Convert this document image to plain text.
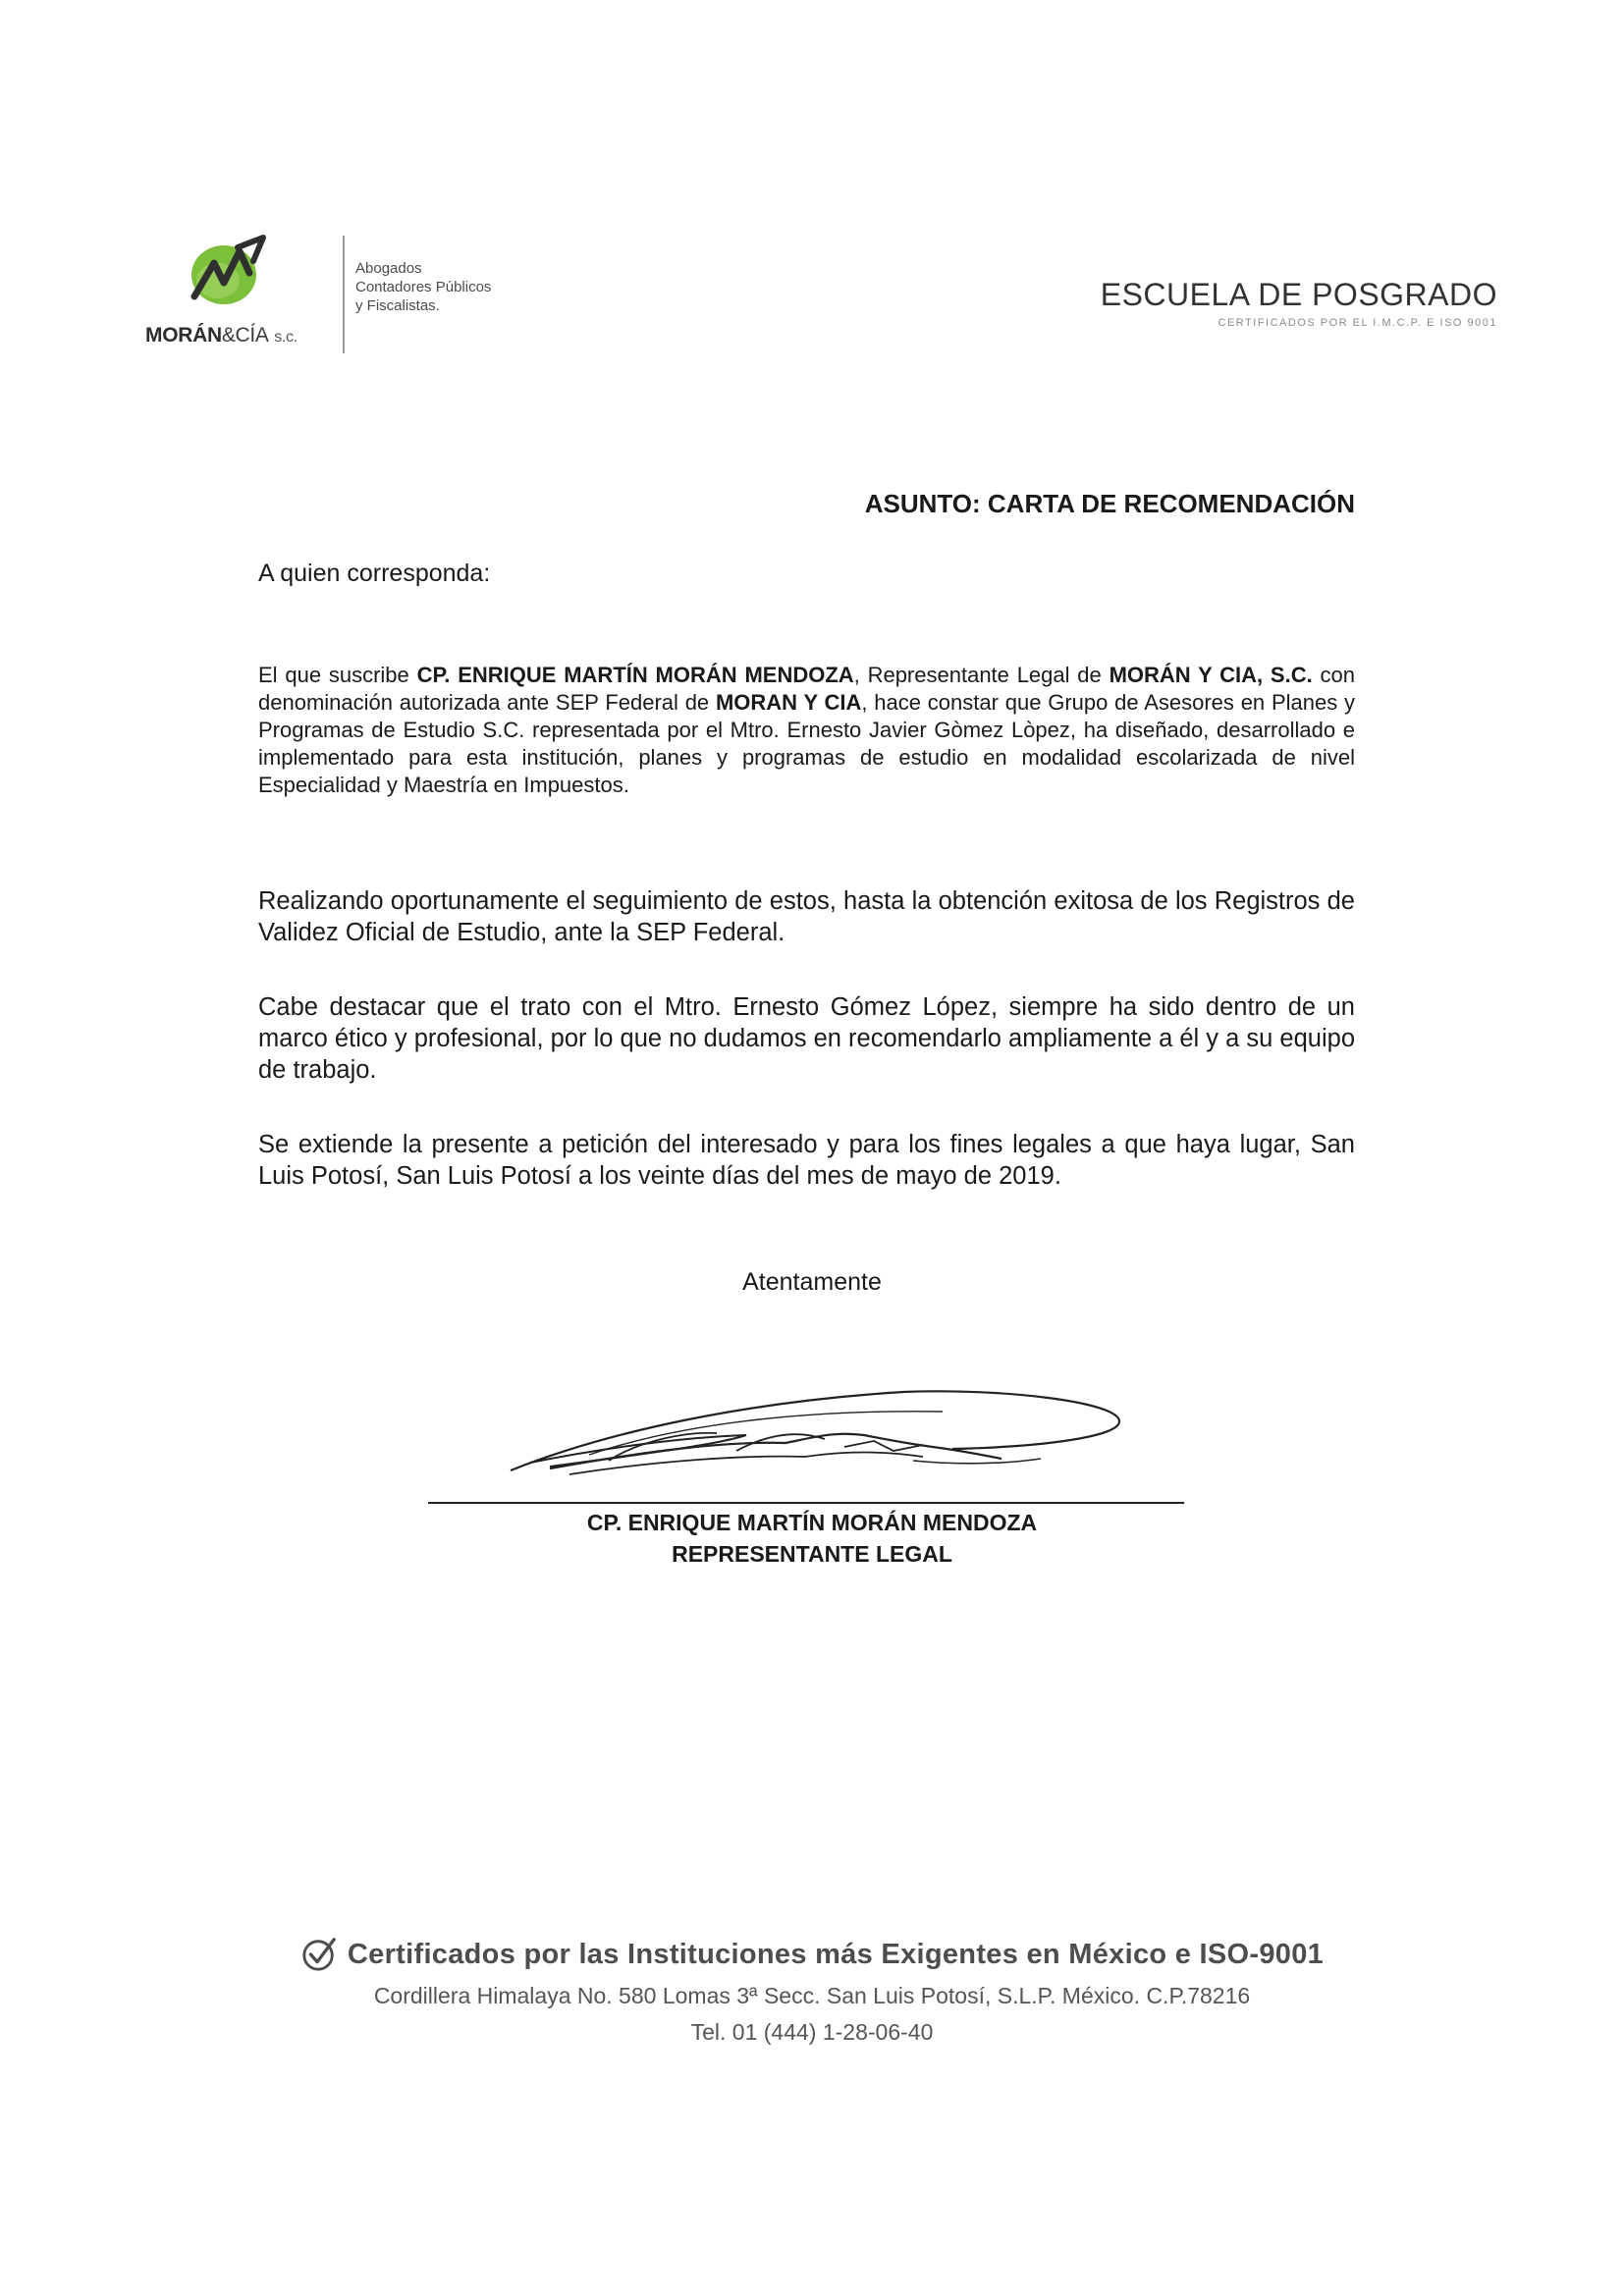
MORÁN&CÍA s.c.
Abogados
Contadores Públicos
y Fiscalistas.	ESCUELA DE POSGRADO
CERTIFICADOS POR EL I.M.C.P. E ISO 9001
ASUNTO: CARTA DE RECOMENDACIÓN
A quien corresponda:
El que suscribe CP. ENRIQUE MARTÍN MORÁN MENDOZA, Representante Legal de MORÁN Y CIA, S.C. con denominación autorizada ante SEP Federal de MORAN Y CIA, hace constar que Grupo de Asesores en Planes y Programas de Estudio S.C. representada por el Mtro. Ernesto Javier Gòmez Lòpez, ha diseñado, desarrollado e implementado para esta institución, planes y programas de estudio en modalidad escolarizada de nivel Especialidad y Maestría en Impuestos.
Realizando oportunamente el seguimiento de estos, hasta la obtención exitosa de los Registros de Validez Oficial de Estudio, ante la SEP Federal.
Cabe destacar que el trato con el Mtro. Ernesto Gómez López, siempre ha sido dentro de un marco ético y profesional, por lo que no dudamos en recomendarlo ampliamente a él y a su equipo de trabajo.
Se extiende la presente a petición del interesado y para los fines legales a que haya lugar, San Luis Potosí, San Luis Potosí a los veinte días del mes de mayo de 2019.
Atentamente
CP. ENRIQUE MARTÍN MORÁN MENDOZA
REPRESENTANTE LEGAL
Certificados por las Instituciones más Exigentes en México e ISO-9001
Cordillera Himalaya No. 580 Lomas 3ª Secc. San Luis Potosí, S.L.P. México. C.P.78216
Tel. 01 (444) 1-28-06-40
